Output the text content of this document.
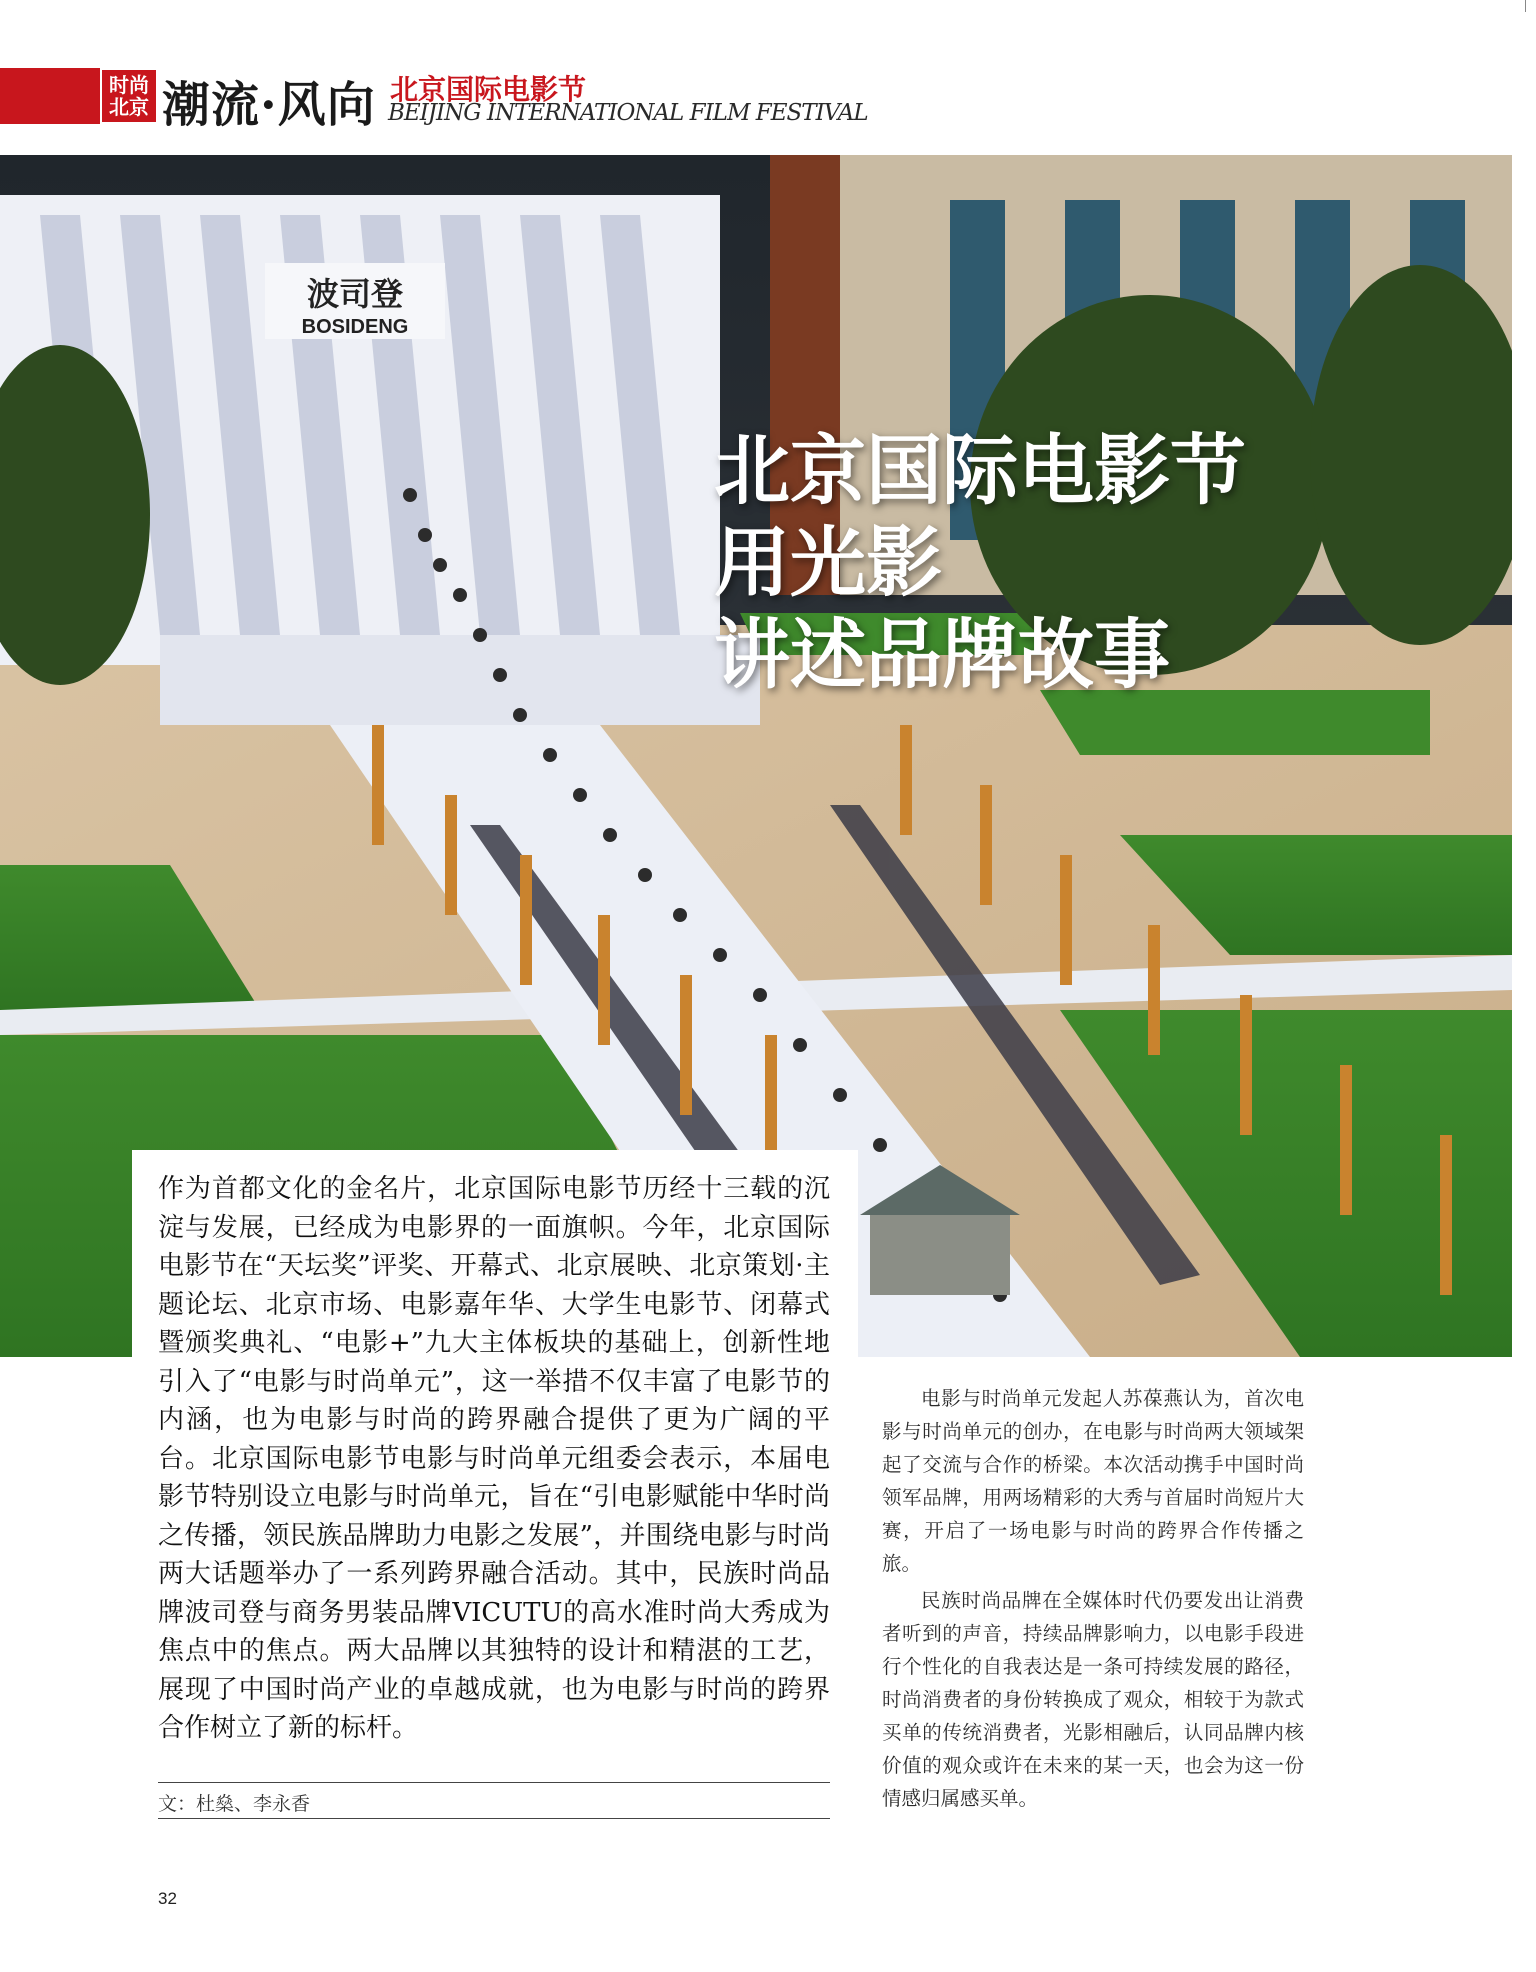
时尚
北京 潮流·风向 北京国际电影节
BEIJING INTERNATIONAL FILM FESTIVAL
波司登
BOSIDENG
北京国际电影节
用光影
讲述品牌故事
作为首都文化的金名片，北京国际电影节历经十三载的沉淀与发展，已经成为电影界的一面旗帜。今年，北京国际电影节在“天坛奖”评奖、开幕式、北京展映、北京策划·主题论坛、北京市场、电影嘉年华、大学生电影节、闭幕式暨颁奖典礼、“电影+”九大主体板块的基础上，创新性地引入了“电影与时尚单元”，这一举措不仅丰富了电影节的内涵，也为电影与时尚的跨界融合提供了更为广阔的平台。北京国际电影节电影与时尚单元组委会表示，本届电影节特别设立电影与时尚单元，旨在“引电影赋能中华时尚之传播，领民族品牌助力电影之发展”，并围绕电影与时尚两大话题举办了一系列跨界融合活动。其中，民族时尚品牌波司登与商务男装品牌VICUTU的高水准时尚大秀成为焦点中的焦点。两大品牌以其独特的设计和精湛的工艺，展现了中国时尚产业的卓越成就，也为电影与时尚的跨界合作树立了新的标杆。
文：杜燊、李永香

电影与时尚单元发起人苏葆燕认为，首次电影与时尚单元的创办，在电影与时尚两大领域架起了交流与合作的桥梁。本次活动携手中国时尚领军品牌，用两场精彩的大秀与首届时尚短片大赛，开启了一场电影与时尚的跨界合作传播之旅。

民族时尚品牌在全媒体时代仍要发出让消费者听到的声音，持续品牌影响力，以电影手段进行个性化的自我表达是一条可持续发展的路径，时尚消费者的身份转换成了观众，相较于为款式买单的传统消费者，光影相融后，认同品牌内核价值的观众或许在未来的某一天，也会为这一份情感归属感买单。

32
